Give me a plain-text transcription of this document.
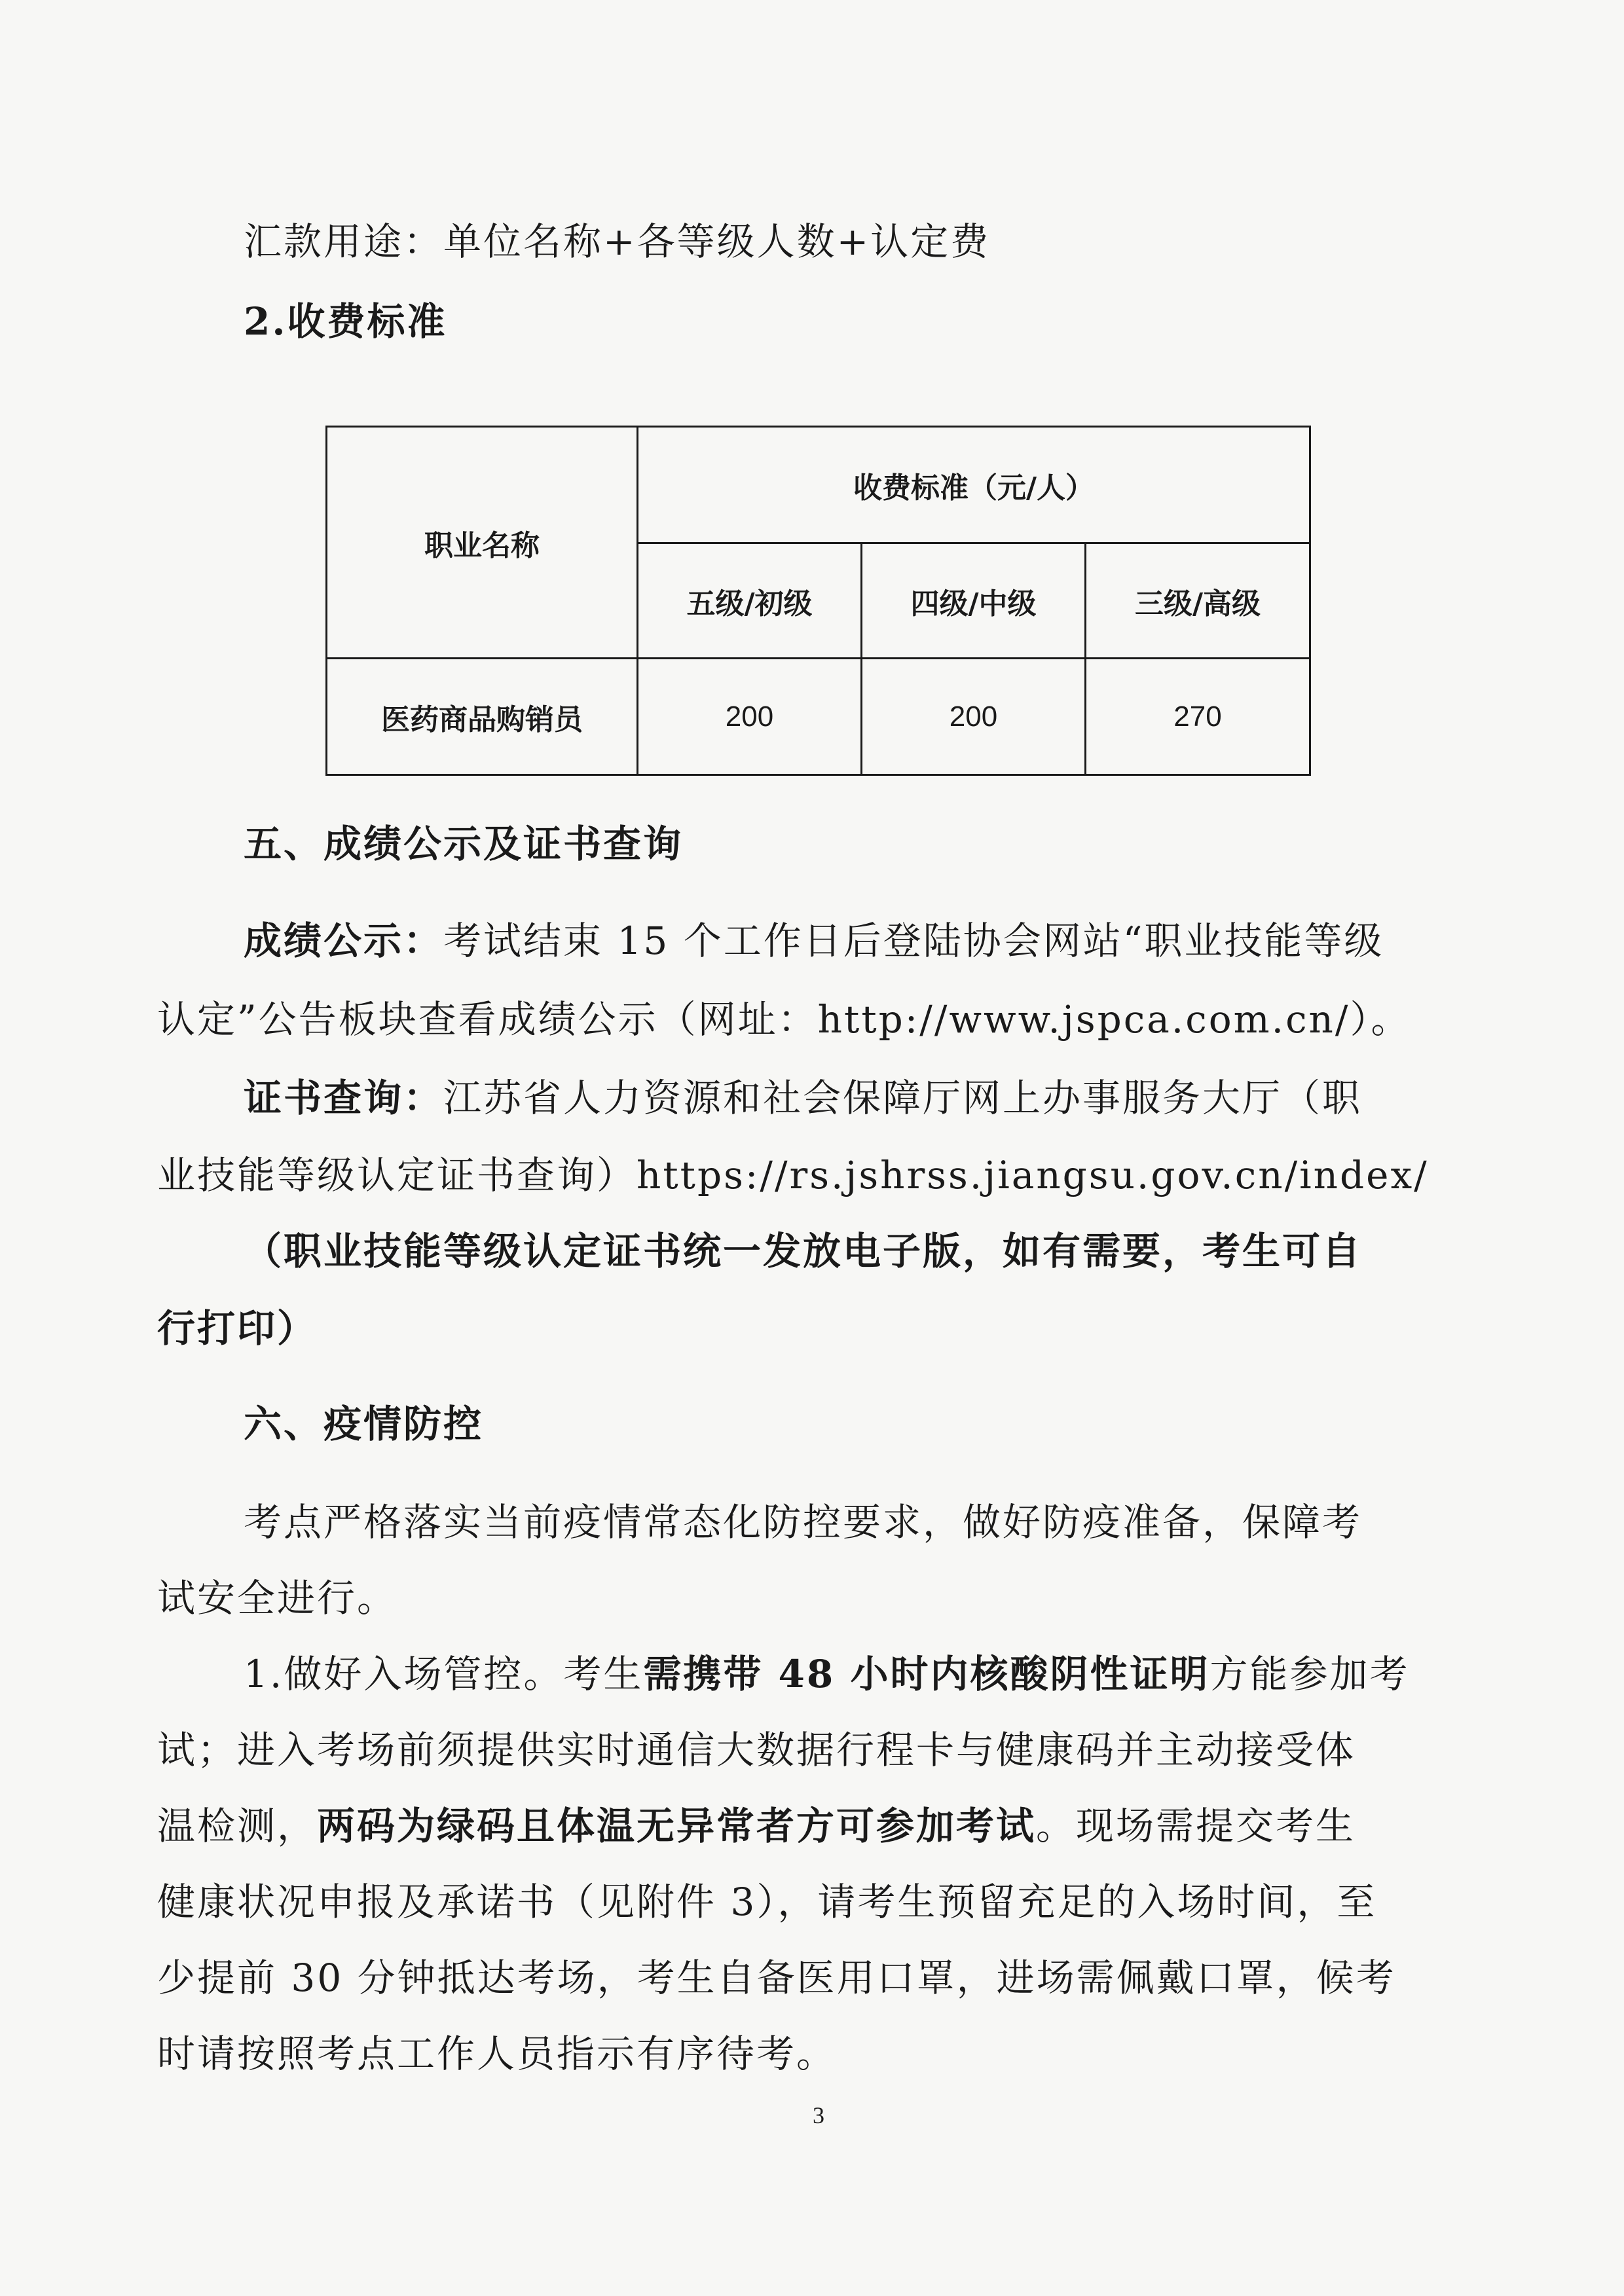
汇款用途：单位名称+各等级人数+认定费
2.收费标准
职业名称	收费标准（元/人）		
	五级/初级	四级/中级	三级/高级
医药商品购销员	200	200	270
五、成绩公示及证书查询
成绩公示：考试结束 15 个工作日后登陆协会网站“职业技能等级
认定”公告板块查看成绩公示（网址：http://www.jspca.com.cn/）。
证书查询：江苏省人力资源和社会保障厅网上办事服务大厅（职
业技能等级认定证书查询）https://rs.jshrss.jiangsu.gov.cn/index/
（职业技能等级认定证书统一发放电子版，如有需要，考生可自
行打印）
六、疫情防控
考点严格落实当前疫情常态化防控要求，做好防疫准备，保障考
试安全进行。
1.做好入场管控。考生需携带 48 小时内核酸阴性证明方能参加考
试；进入考场前须提供实时通信大数据行程卡与健康码并主动接受体
温检测，两码为绿码且体温无异常者方可参加考试。现场需提交考生
健康状况申报及承诺书（见附件 3），请考生预留充足的入场时间，至
少提前 30 分钟抵达考场，考生自备医用口罩，进场需佩戴口罩，候考
时请按照考点工作人员指示有序待考。
3
